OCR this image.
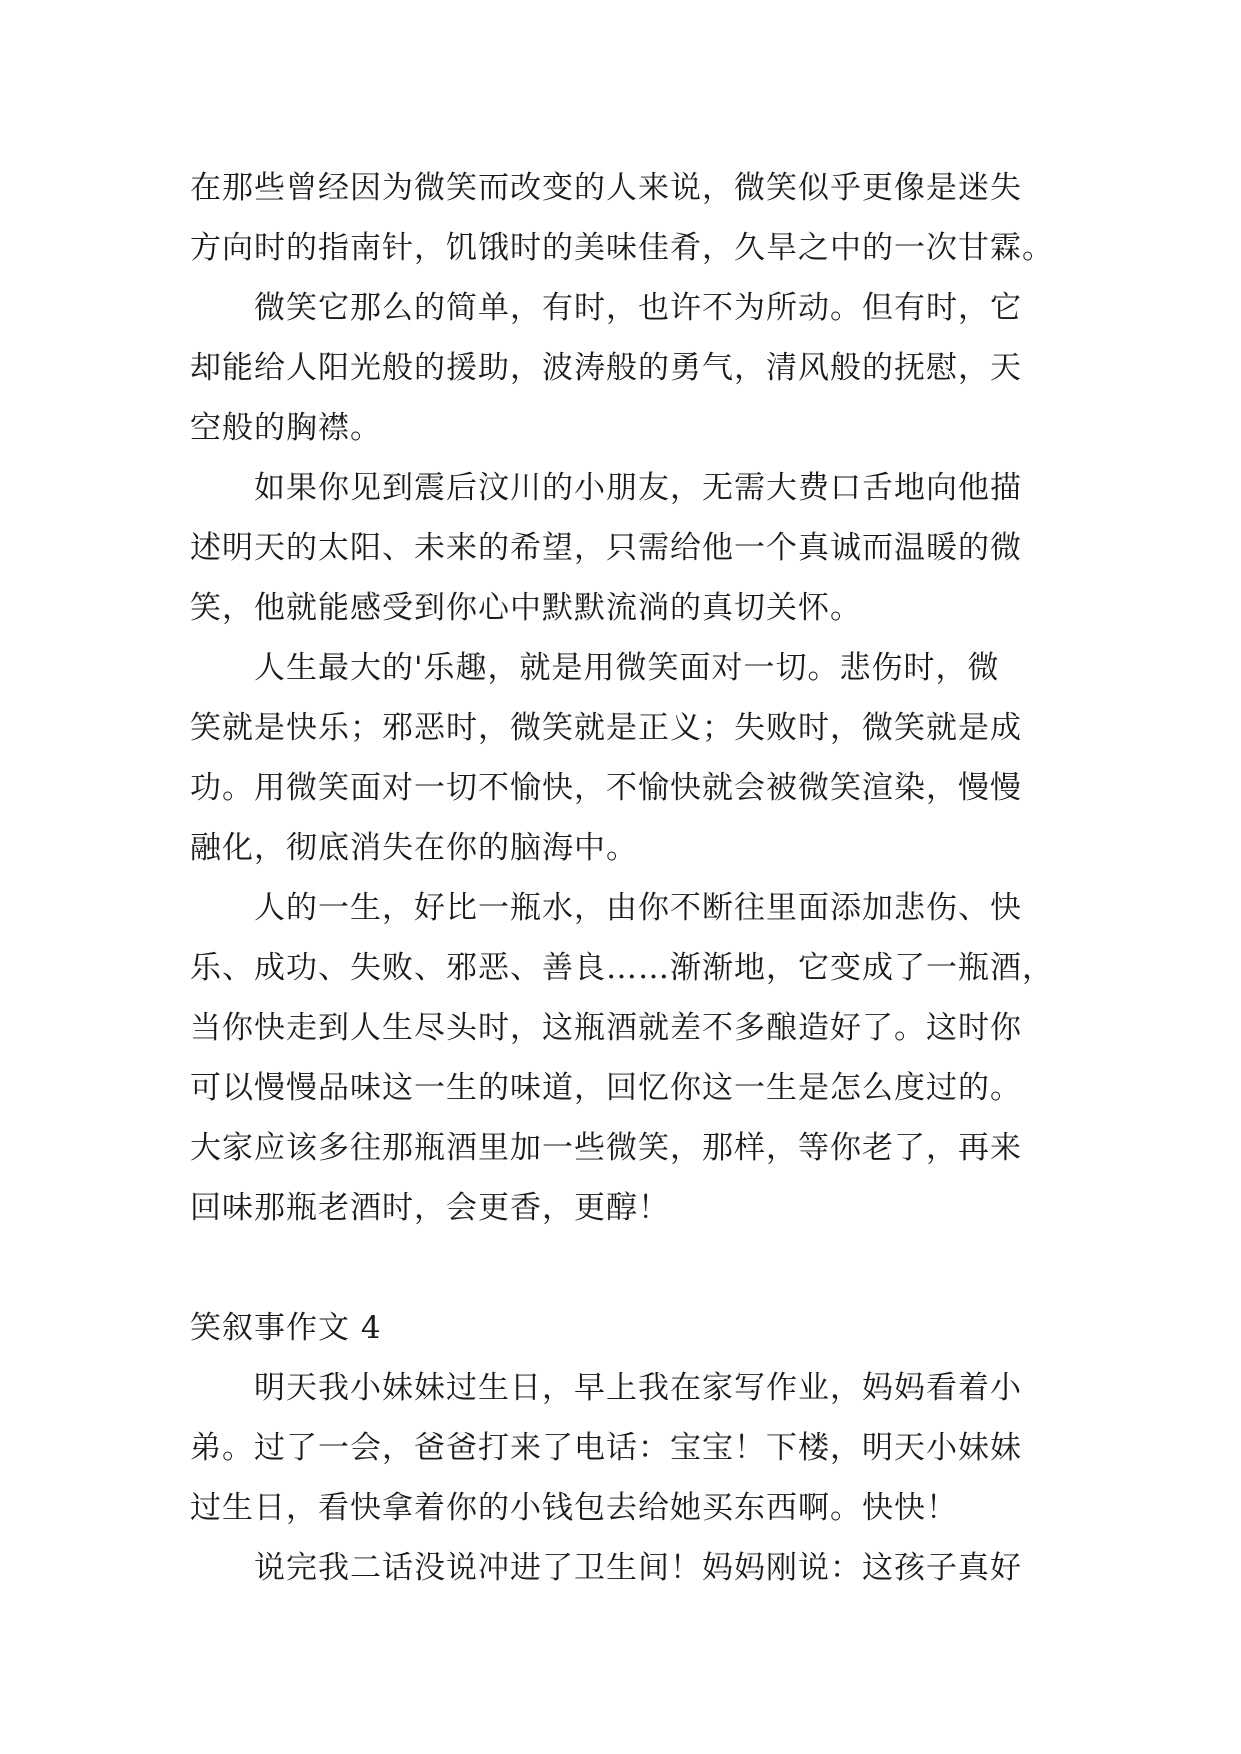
在那些曾经因为微笑而改变的人来说，微笑似乎更像是迷失
方向时的指南针，饥饿时的美味佳肴，久旱之中的一次甘霖。
微笑它那么的简单，有时，也许不为所动。但有时，它
却能给人阳光般的援助，波涛般的勇气，清风般的抚慰，天
空般的胸襟。
如果你见到震后汶川的小朋友，无需大费口舌地向他描
述明天的太阳、未来的希望，只需给他一个真诚而温暖的微
笑，他就能感受到你心中默默流淌的真切关怀。
人生最大的'乐趣，就是用微笑面对一切。悲伤时，微
笑就是快乐；邪恶时，微笑就是正义；失败时，微笑就是成
功。用微笑面对一切不愉快，不愉快就会被微笑渲染，慢慢
融化，彻底消失在你的脑海中。
人的一生，好比一瓶水，由你不断往里面添加悲伤、快
乐、成功、失败、邪恶、善良……渐渐地，它变成了一瓶酒，
当你快走到人生尽头时，这瓶酒就差不多酿造好了。这时你
可以慢慢品味这一生的味道，回忆你这一生是怎么度过的。
大家应该多往那瓶酒里加一些微笑，那样，等你老了，再来
回味那瓶老酒时，会更香，更醇！
笑叙事作文 4
明天我小妹妹过生日，早上我在家写作业，妈妈看着小
弟。过了一会，爸爸打来了电话：宝宝！下楼，明天小妹妹
过生日，看快拿着你的小钱包去给她买东西啊。快快！
说完我二话没说冲进了卫生间！妈妈刚说：这孩子真好
